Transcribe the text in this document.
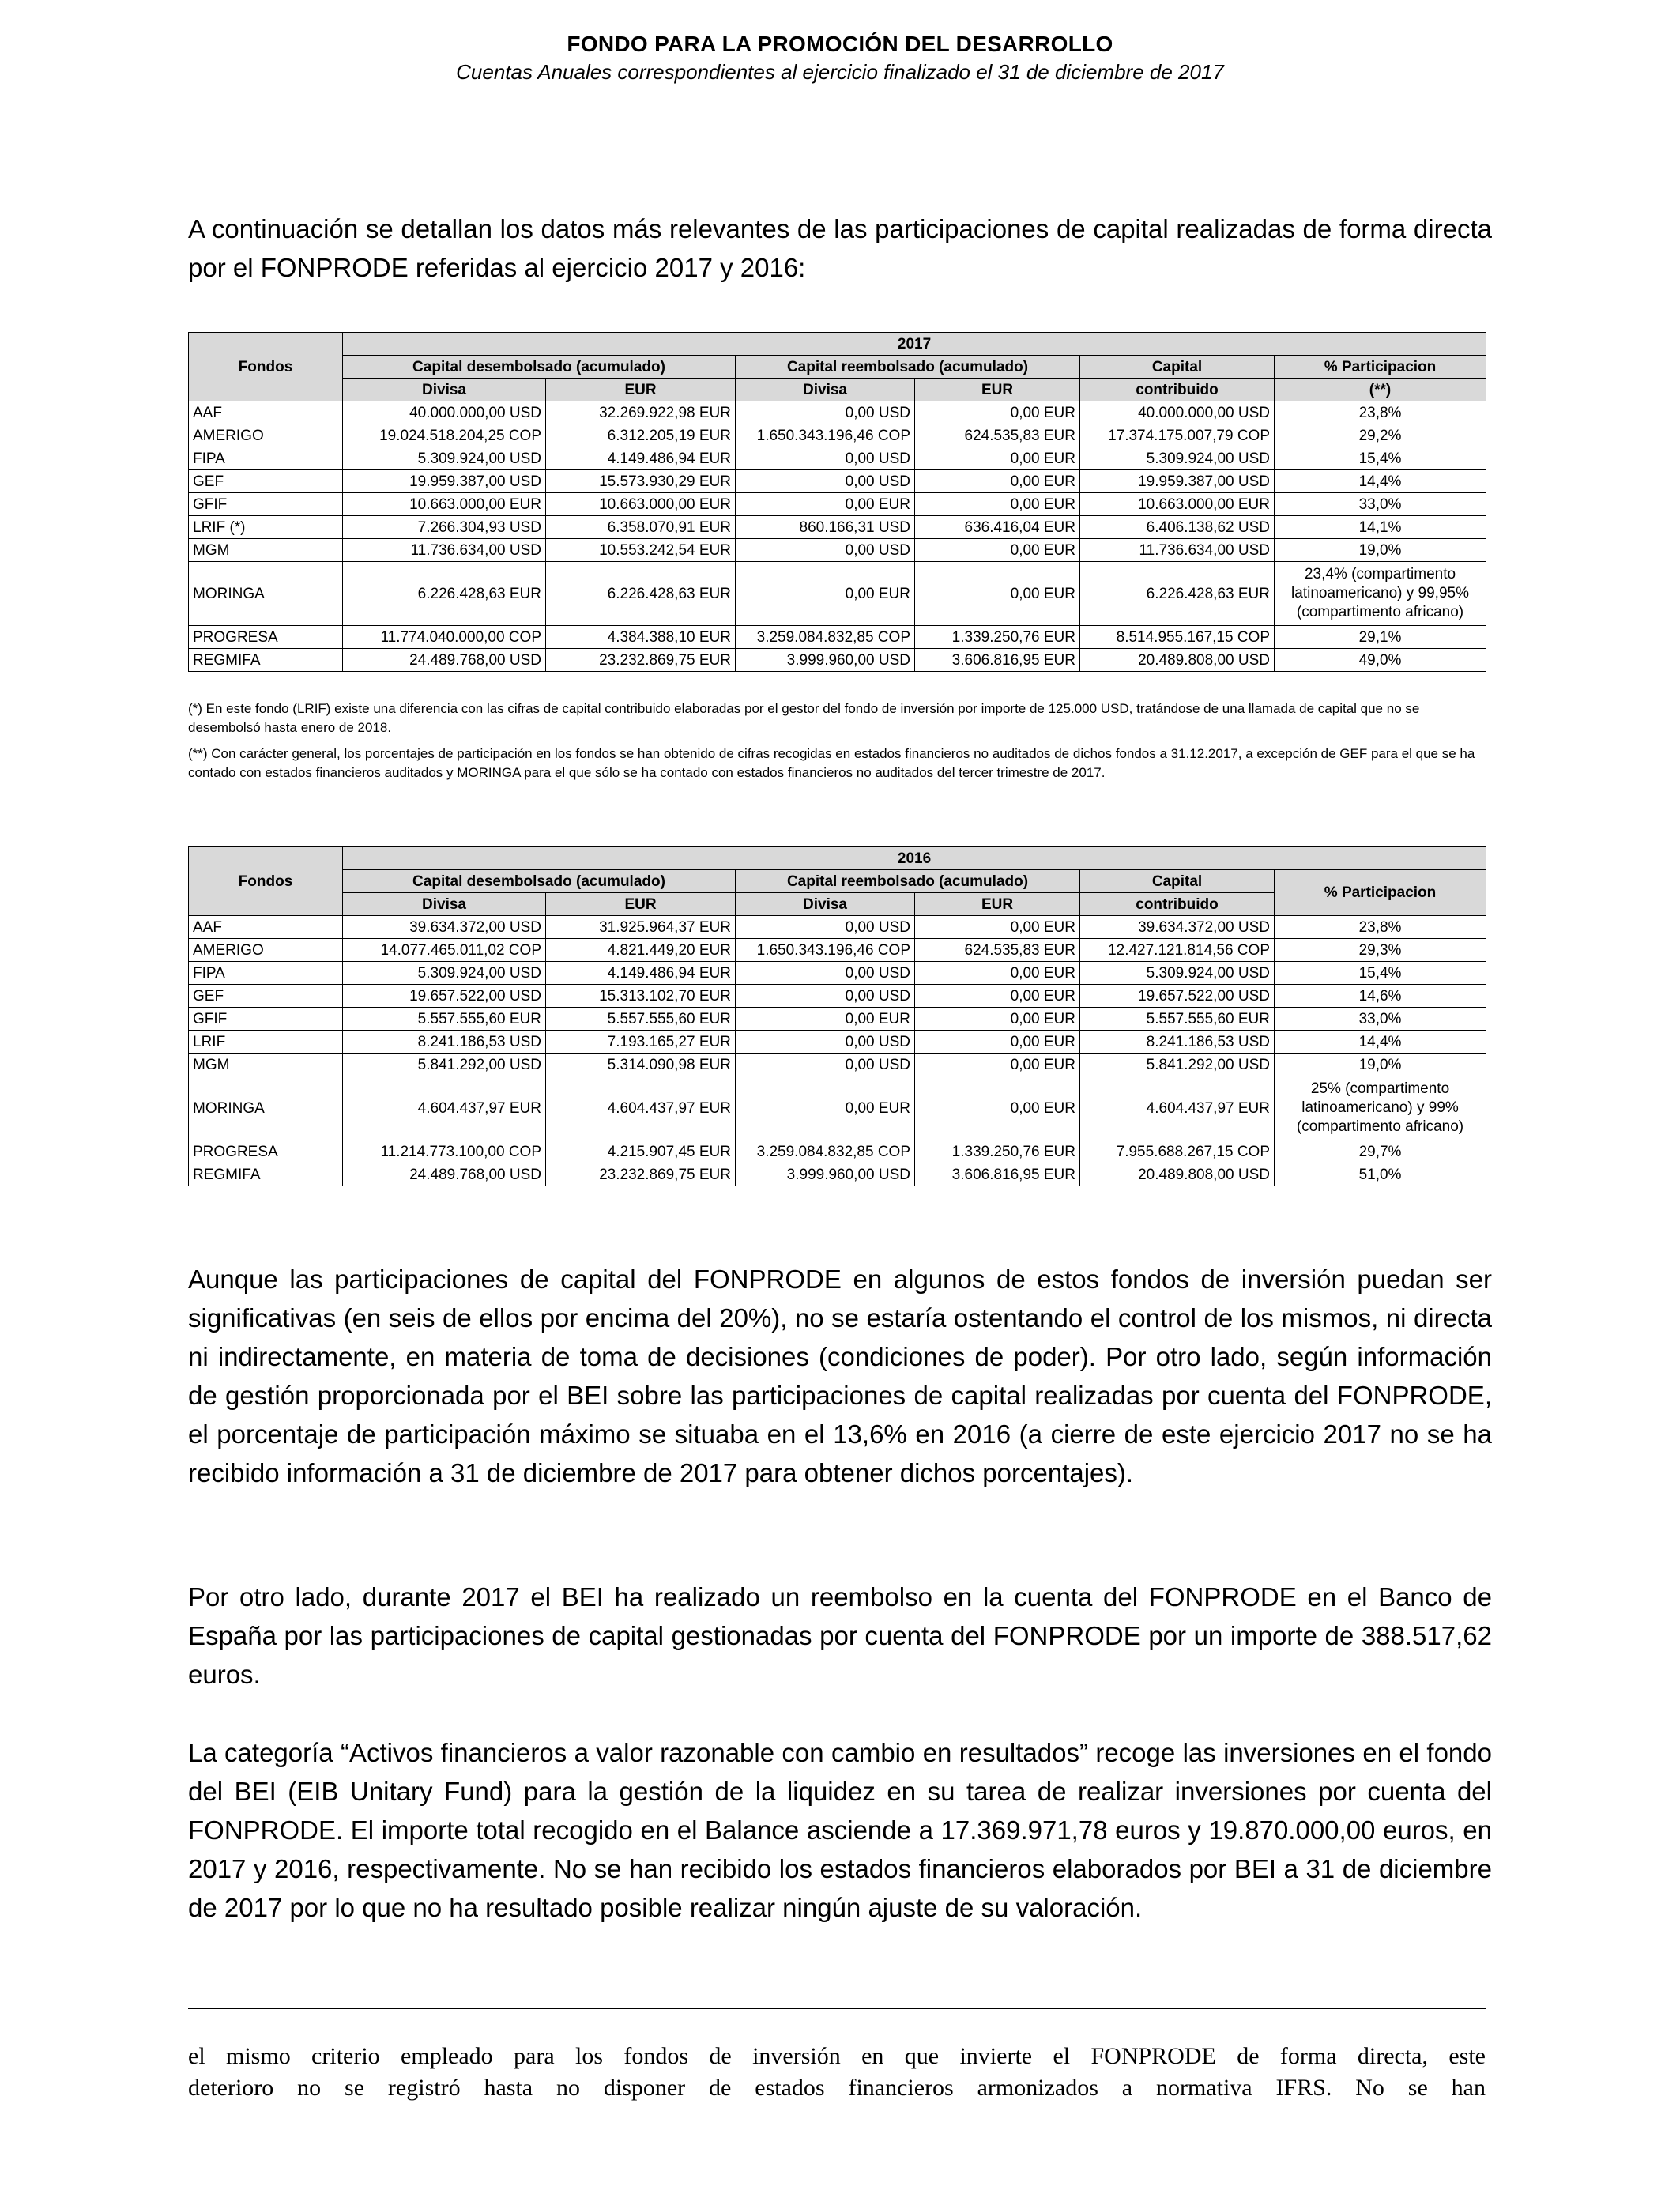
FONDO PARA LA PROMOCIÓN DEL DESARROLLO
Cuentas Anuales correspondientes al ejercicio finalizado el 31 de diciembre de 2017

A continuación se detallan los datos más relevantes de las participaciones de capital realizadas de forma directa por el FONPRODE referidas al ejercicio 2017 y 2016:

Fondos	2017					
	Capital desembolsado (acumulado)		Capital reembolsado (acumulado)		Capital	% Participacion
	Divisa	EUR	Divisa	EUR	contribuido	(**)
AAF	40.000.000,00 USD	32.269.922,98 EUR	0,00 USD	0,00 EUR	40.000.000,00 USD	23,8%
AMERIGO	19.024.518.204,25 COP	6.312.205,19 EUR	1.650.343.196,46 COP	624.535,83 EUR	17.374.175.007,79 COP	29,2%
FIPA	5.309.924,00 USD	4.149.486,94 EUR	0,00 USD	0,00 EUR	5.309.924,00 USD	15,4%
GEF	19.959.387,00 USD	15.573.930,29 EUR	0,00 USD	0,00 EUR	19.959.387,00 USD	14,4%
GFIF	10.663.000,00 EUR	10.663.000,00 EUR	0,00 EUR	0,00 EUR	10.663.000,00 EUR	33,0%
LRIF (*)	7.266.304,93 USD	6.358.070,91 EUR	860.166,31 USD	636.416,04 EUR	6.406.138,62 USD	14,1%
MGM	11.736.634,00 USD	10.553.242,54 EUR	0,00 USD	0,00 EUR	11.736.634,00 USD	19,0%
MORINGA	6.226.428,63 EUR	6.226.428,63 EUR	0,00 EUR	0,00 EUR	6.226.428,63 EUR	23,4% (compartimento latinoamericano) y 99,95% (compartimento africano)
PROGRESA	11.774.040.000,00 COP	4.384.388,10 EUR	3.259.084.832,85 COP	1.339.250,76 EUR	8.514.955.167,15 COP	29,1%
REGMIFA	24.489.768,00 USD	23.232.869,75 EUR	3.999.960,00 USD	3.606.816,95 EUR	20.489.808,00 USD	49,0%

(*) En este fondo (LRIF) existe una diferencia con las cifras de capital contribuido elaboradas por el gestor del fondo de inversión por importe de 125.000 USD, tratándose de una llamada de capital que no se desembolsó hasta enero de 2018.

(**) Con carácter general, los porcentajes de participación en los fondos se han obtenido de cifras recogidas en estados financieros no auditados de dichos fondos a 31.12.2017, a excepción de GEF para el que se ha contado con estados financieros auditados y MORINGA para el que sólo se ha contado con estados financieros no auditados del tercer trimestre de 2017.

Fondos	2016					
	Capital desembolsado (acumulado)		Capital reembolsado (acumulado)		Capital	% Participacion
	Divisa	EUR	Divisa	EUR	contribuido	
AAF	39.634.372,00 USD	31.925.964,37 EUR	0,00 USD	0,00 EUR	39.634.372,00 USD	23,8%
AMERIGO	14.077.465.011,02 COP	4.821.449,20 EUR	1.650.343.196,46 COP	624.535,83 EUR	12.427.121.814,56 COP	29,3%
FIPA	5.309.924,00 USD	4.149.486,94 EUR	0,00 USD	0,00 EUR	5.309.924,00 USD	15,4%
GEF	19.657.522,00 USD	15.313.102,70 EUR	0,00 USD	0,00 EUR	19.657.522,00 USD	14,6%
GFIF	5.557.555,60 EUR	5.557.555,60 EUR	0,00 EUR	0,00 EUR	5.557.555,60 EUR	33,0%
LRIF	8.241.186,53 USD	7.193.165,27 EUR	0,00 USD	0,00 EUR	8.241.186,53 USD	14,4%
MGM	5.841.292,00 USD	5.314.090,98 EUR	0,00 USD	0,00 EUR	5.841.292,00 USD	19,0%
MORINGA	4.604.437,97 EUR	4.604.437,97 EUR	0,00 EUR	0,00 EUR	4.604.437,97 EUR	25% (compartimento latinoamericano) y 99% (compartimento africano)
PROGRESA	11.214.773.100,00 COP	4.215.907,45 EUR	3.259.084.832,85 COP	1.339.250,76 EUR	7.955.688.267,15 COP	29,7%
REGMIFA	24.489.768,00 USD	23.232.869,75 EUR	3.999.960,00 USD	3.606.816,95 EUR	20.489.808,00 USD	51,0%

Aunque las participaciones de capital del FONPRODE en algunos de estos fondos de inversión puedan ser significativas (en seis de ellos por encima del 20%), no se estaría ostentando el control de los mismos, ni directa ni indirectamente, en materia de toma de decisiones (condiciones de poder). Por otro lado, según información de gestión proporcionada por el BEI sobre las participaciones de capital realizadas por cuenta del FONPRODE, el porcentaje de participación máximo se situaba en el 13,6% en 2016 (a cierre de este ejercicio 2017 no se ha recibido información a 31 de diciembre de 2017 para obtener dichos porcentajes).

Por otro lado, durante 2017 el BEI ha realizado un reembolso en la cuenta del FONPRODE en el Banco de España por las participaciones de capital gestionadas por cuenta del FONPRODE por un importe de 388.517,62 euros.

La categoría “Activos financieros a valor razonable con cambio en resultados” recoge las inversiones en el fondo del BEI (EIB Unitary Fund) para la gestión de la liquidez en su tarea de realizar inversiones por cuenta del FONPRODE. El importe total recogido en el Balance asciende a 17.369.971,78 euros y 19.870.000,00 euros, en 2017 y 2016, respectivamente. No se han recibido los estados financieros elaborados por BEI a 31 de diciembre de 2017 por lo que no ha resultado posible realizar ningún ajuste de su valoración.

el mismo criterio empleado para los fondos de inversión en que invierte el FONPRODE de forma directa, este
deterioro no se registró hasta no disponer de estados financieros armonizados a normativa IFRS. No se han
